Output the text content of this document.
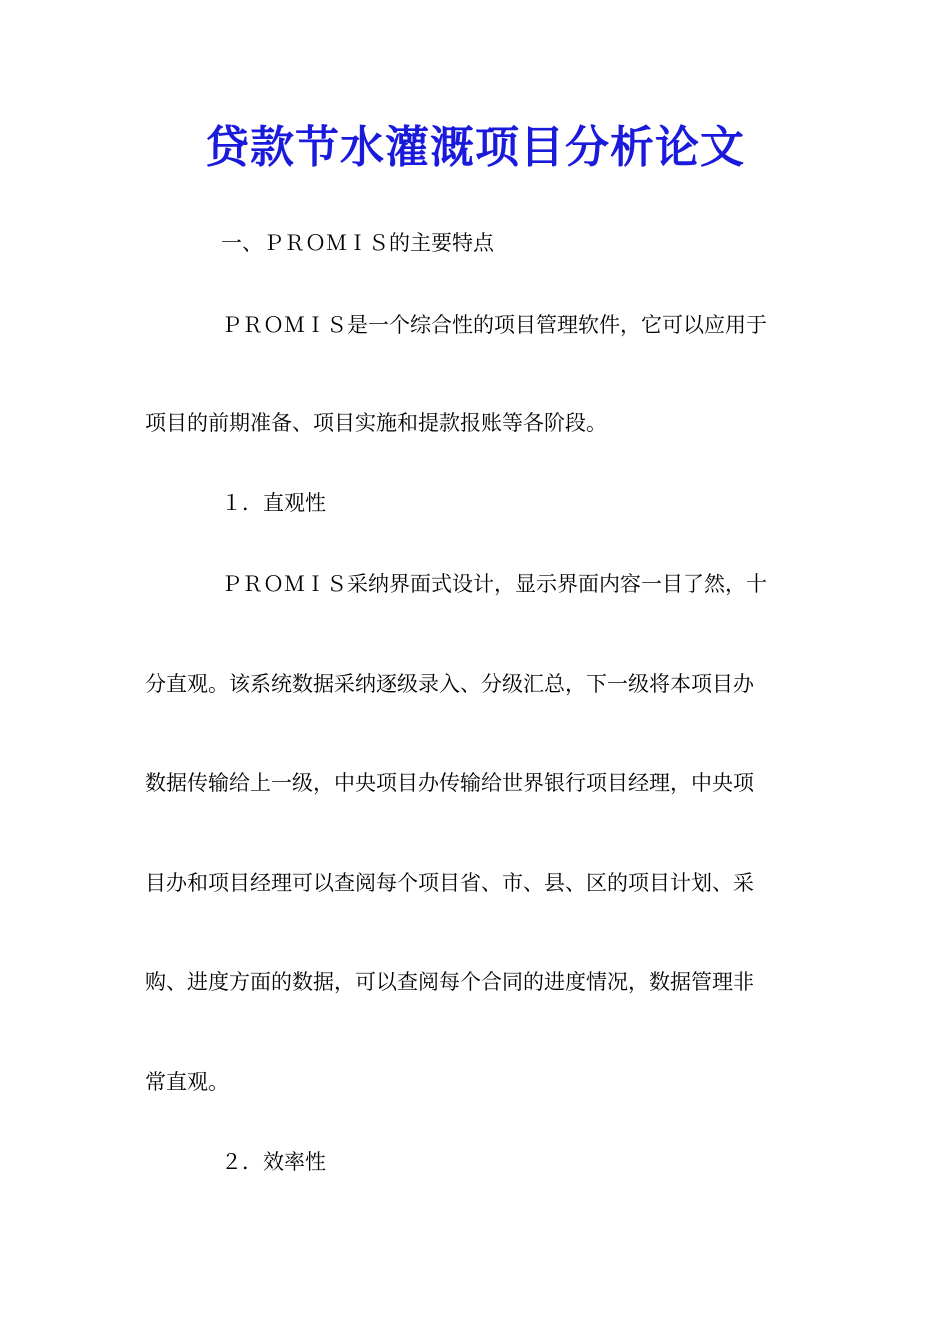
贷款节水灌溉项目分析论文
一、ＰＲＯＭＩＳ的主要特点
ＰＲＯＭＩＳ是一个综合性的项目管理软件，它可以应用于
项目的前期准备、项目实施和提款报账等各阶段。
１．直观性
ＰＲＯＭＩＳ采纳界面式设计，显示界面内容一目了然，十
分直观。该系统数据采纳逐级录入、分级汇总，下一级将本项目办
数据传输给上一级，中央项目办传输给世界银行项目经理，中央项
目办和项目经理可以查阅每个项目省、市、县、区的项目计划、采
购、进度方面的数据，可以查阅每个合同的进度情况，数据管理非
常直观。
２．效率性
